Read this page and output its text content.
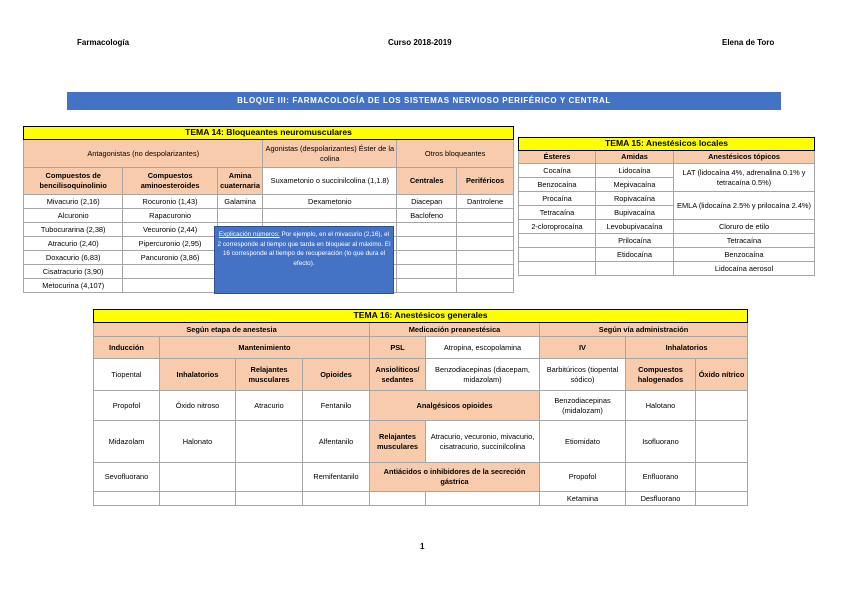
Farmacología	Curso 2018-2019	Elena de Toro
BLOQUE III: FARMACOLOGÍA DE LOS SISTEMAS NERVIOSO PERIFÉRICO Y CENTRAL
TEMA 14: Bloqueantes neuromusculares					
Antagonistas (no despolarizantes)			Agonistas (despolarizantes) Éster de la colina	Otros bloqueantes	
Compuestos de bencilisoquinolinio	Compuestos aminoesteroides	Amina cuaternaria	Suxametonio o succinilcolina (1,1.8)	Centrales	Periféricos
Mivacurio (2,16)	Rocuronio (1,43)	Galamina	Dexametonio	Diacepan	Dantrolene
Alcuronio	Rapacuronio			Baclofeno	
Tubocurarina (2,38)	Vecuronio (2,44)				
Atracurio (2,40)	Pipercuronio (2,95)				
Doxacurio (6,83)	Pancuronio (3,86)				
Cisatracurio (3,90)					
Metocurina (4,107)					
Explicación números: Por ejemplo, en el mivacurio (2,16), el 2 corresponde al tiempo que tarda en bloquear al máximo. El 16 corresponde al tiempo de recuperación (lo que dura el efecto).
TEMA 15: Anestésicos locales		
Ésteres	Amidas	Anestésicos tópicos
Cocaína	Lidocaína	LAT (lidocaína 4%, adrenalina 0.1% y tetracaína 0.5%)
Benzocaína	Mepivacaína	
Procaína	Ropivacaína	EMLA (lidocaína 2.5% y prilocaína 2.4%)
Tetracaína	Bupivacaína	
2-cloroprocaína	Levobupivacaína	Cloruro de etilo
	Prilocaína	Tetracaína
	Etidocaína	Benzocaína
		Lidocaína aerosol
TEMA 16: Anestésicos generales								
Según etapa de anestesia				Medicación preanestésica		Según vía administración		
Inducción	Mantenimiento			PSL	Atropina, escopolamina	IV	Inhalatorios	
Tiopental	Inhalatorios	Relajantes musculares	Opioides	Ansiolíticos/ sedantes	Benzodiacepinas (diacepam, midazolam)	Barbitúricos (tiopental sódico)	Compuestos halogenados	Óxido nítrico
Propofol	Óxido nitroso	Atracurio	Fentanilo	Analgésicos opioides		Benzodiacepinas (midalozam)	Halotano	
Midazolam	Halonato		Alfentanilo	Relajantes musculares	Atracurio, vecuronio, mivacurio, cisatracurio, succinilcolina	Etiomidato	Isofluorano	
Sevofluorano			Remifentanilo	Antiácidos o inhibidores de la secreción gástrica		Propofol	Enfluorano	
						Ketamina	Desfluorano	
1
